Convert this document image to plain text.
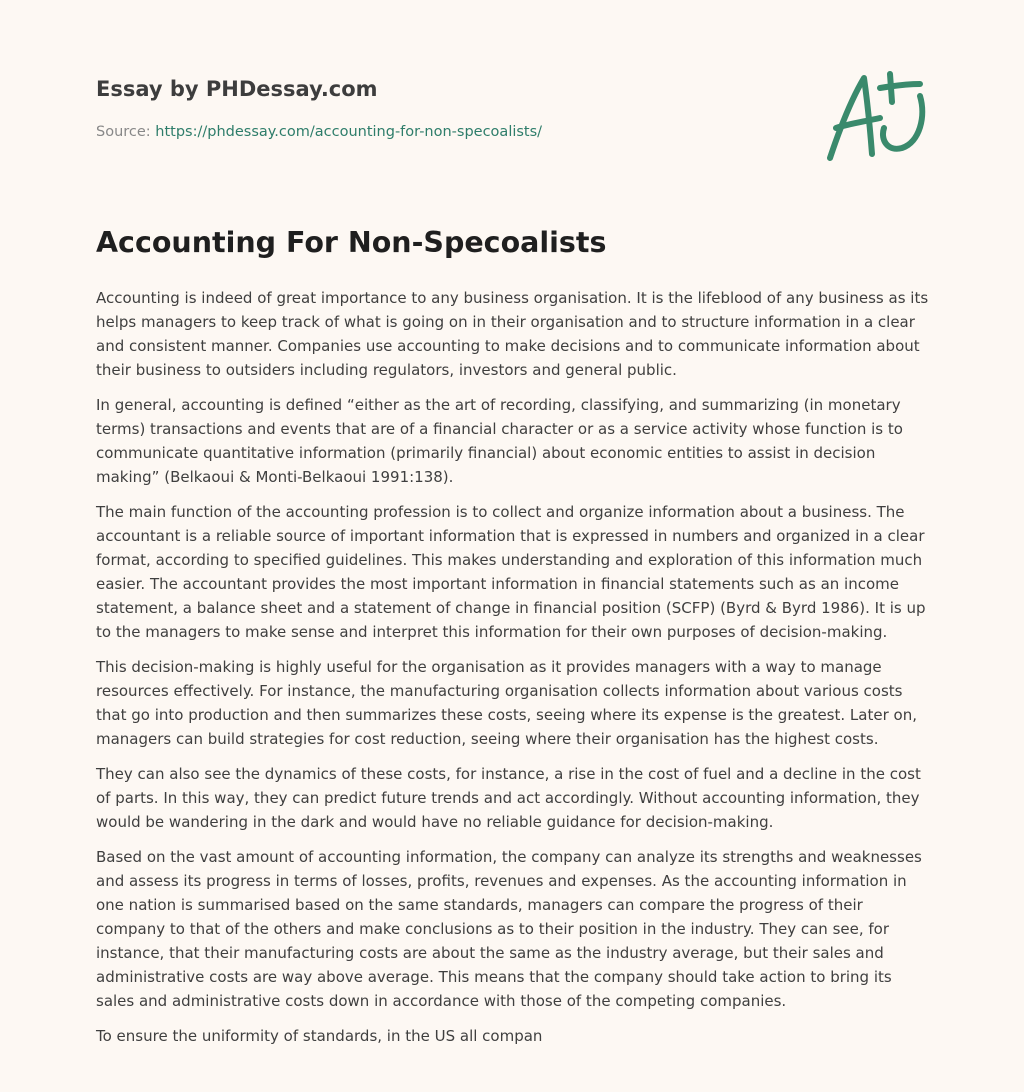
Essay by PHDessay.com
Source: https://phdessay.com/accounting-for-non-specoalists/
Accounting For Non-Specoalists

Accounting is indeed of great importance to any business organisation. It is the lifeblood of any business as its helps managers to keep track of what is going on in their organisation and to structure information in a clear and consistent manner. Companies use accounting to make decisions and to communicate information about their business to outsiders including regulators, investors and general public.

In general, accounting is defined “either as the art of recording, classifying, and summarizing (in monetary terms) transactions and events that are of a financial character or as a service activity whose function is to communicate quantitative information (primarily financial) about economic entities to assist in decision making” (Belkaoui & Monti-Belkaoui 1991:138).

The main function of the accounting profession is to collect and organize information about a business. The accountant is a reliable source of important information that is expressed in numbers and organized in a clear format, according to specified guidelines. This makes understanding and exploration of this information much easier. The accountant provides the most important information in financial statements such as an income statement, a balance sheet and a statement of change in financial position (SCFP) (Byrd & Byrd 1986). It is up to the managers to make sense and interpret this information for their own purposes of decision-making.

This decision-making is highly useful for the organisation as it provides managers with a way to manage resources effectively. For instance, the manufacturing organisation collects information about various costs that go into production and then summarizes these costs, seeing where its expense is the greatest. Later on, managers can build strategies for cost reduction, seeing where their organisation has the highest costs.

They can also see the dynamics of these costs, for instance, a rise in the cost of fuel and a decline in the cost of parts. In this way, they can predict future trends and act accordingly. Without accounting information, they would be wandering in the dark and would have no reliable guidance for decision-making.

Based on the vast amount of accounting information, the company can analyze its strengths and weaknesses and assess its progress in terms of losses, profits, revenues and expenses. As the accounting information in one nation is summarised based on the same standards, managers can compare the progress of their company to that of the others and make conclusions as to their position in the industry. They can see, for instance, that their manufacturing costs are about the same as the industry average, but their sales and administrative costs are way above average. This means that the company should take action to bring its sales and administrative costs down in accordance with those of the competing companies.

To ensure the uniformity of standards, in the US all compan
